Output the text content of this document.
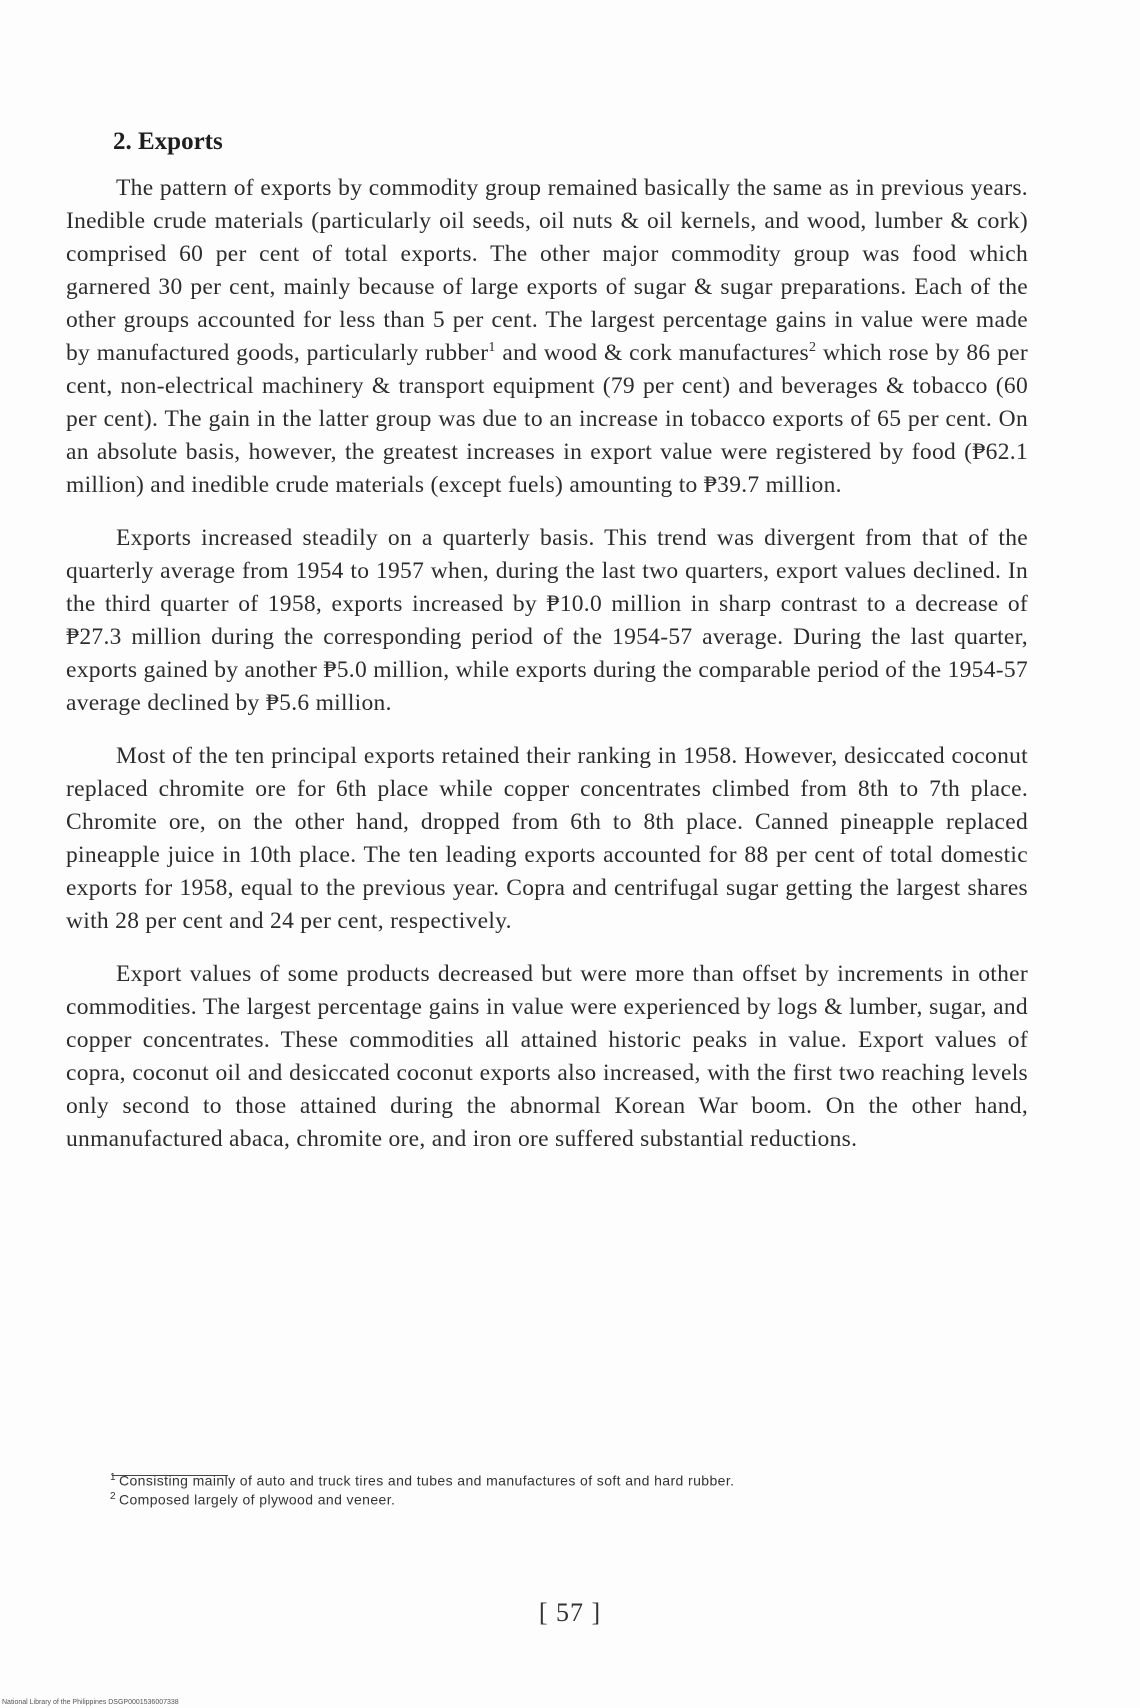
2. Exports

The pattern of exports by commodity group remained basically the same as in previous years. Inedible crude materials (particularly oil seeds, oil nuts & oil kernels, and wood, lumber & cork) comprised 60 per cent of total exports. The other major commodity group was food which garnered 30 per cent, mainly because of large exports of sugar & sugar preparations. Each of the other groups accounted for less than 5 per cent. The largest percentage gains in value were made by manufactured goods, particularly rubber$^1$ and wood & cork manufactures$^2$ which rose by 86 per cent, non-electrical machinery & transport equipment (79 per cent) and beverages & tobacco (60 per cent). The gain in the latter group was due to an increase in tobacco exports of 65 per cent. On an absolute basis, however, the greatest increases in export value were registered by food (₱62.1 million) and inedible crude materials (except fuels) amounting to ₱39.7 million.

Exports increased steadily on a quarterly basis. This trend was divergent from that of the quarterly average from 1954 to 1957 when, during the last two quarters, export values declined. In the third quarter of 1958, exports increased by ₱10.0 million in sharp contrast to a decrease of ₱27.3 million during the corresponding period of the 1954-57 average. During the last quarter, exports gained by another ₱5.0 million, while exports during the comparable period of the 1954-57 average declined by ₱5.6 million.

Most of the ten principal exports retained their ranking in 1958. However, desiccated coconut replaced chromite ore for 6th place while copper concentrates climbed from 8th to 7th place. Chromite ore, on the other hand, dropped from 6th to 8th place. Canned pineapple replaced pineapple juice in 10th place. The ten leading exports accounted for 88 per cent of total domestic exports for 1958, equal to the previous year. Copra and centrifugal sugar getting the largest shares with 28 per cent and 24 per cent, respectively.

Export values of some products decreased but were more than offset by increments in other commodities. The largest percentage gains in value were experienced by logs & lumber, sugar, and copper concentrates. These commodities all attained historic peaks in value. Export values of copra, coconut oil and desiccated coconut exports also increased, with the first two reaching levels only second to those attained during the abnormal Korean War boom. On the other hand, unmanufactured abaca, chromite ore, and iron ore suffered substantial reductions.

$^1$ Consisting mainly of auto and truck tires and tubes and manufactures of soft and hard rubber.

$^2$ Composed largely of plywood and veneer.

[ 57 ]
National Library of the Philippines DSGP0001536007338
